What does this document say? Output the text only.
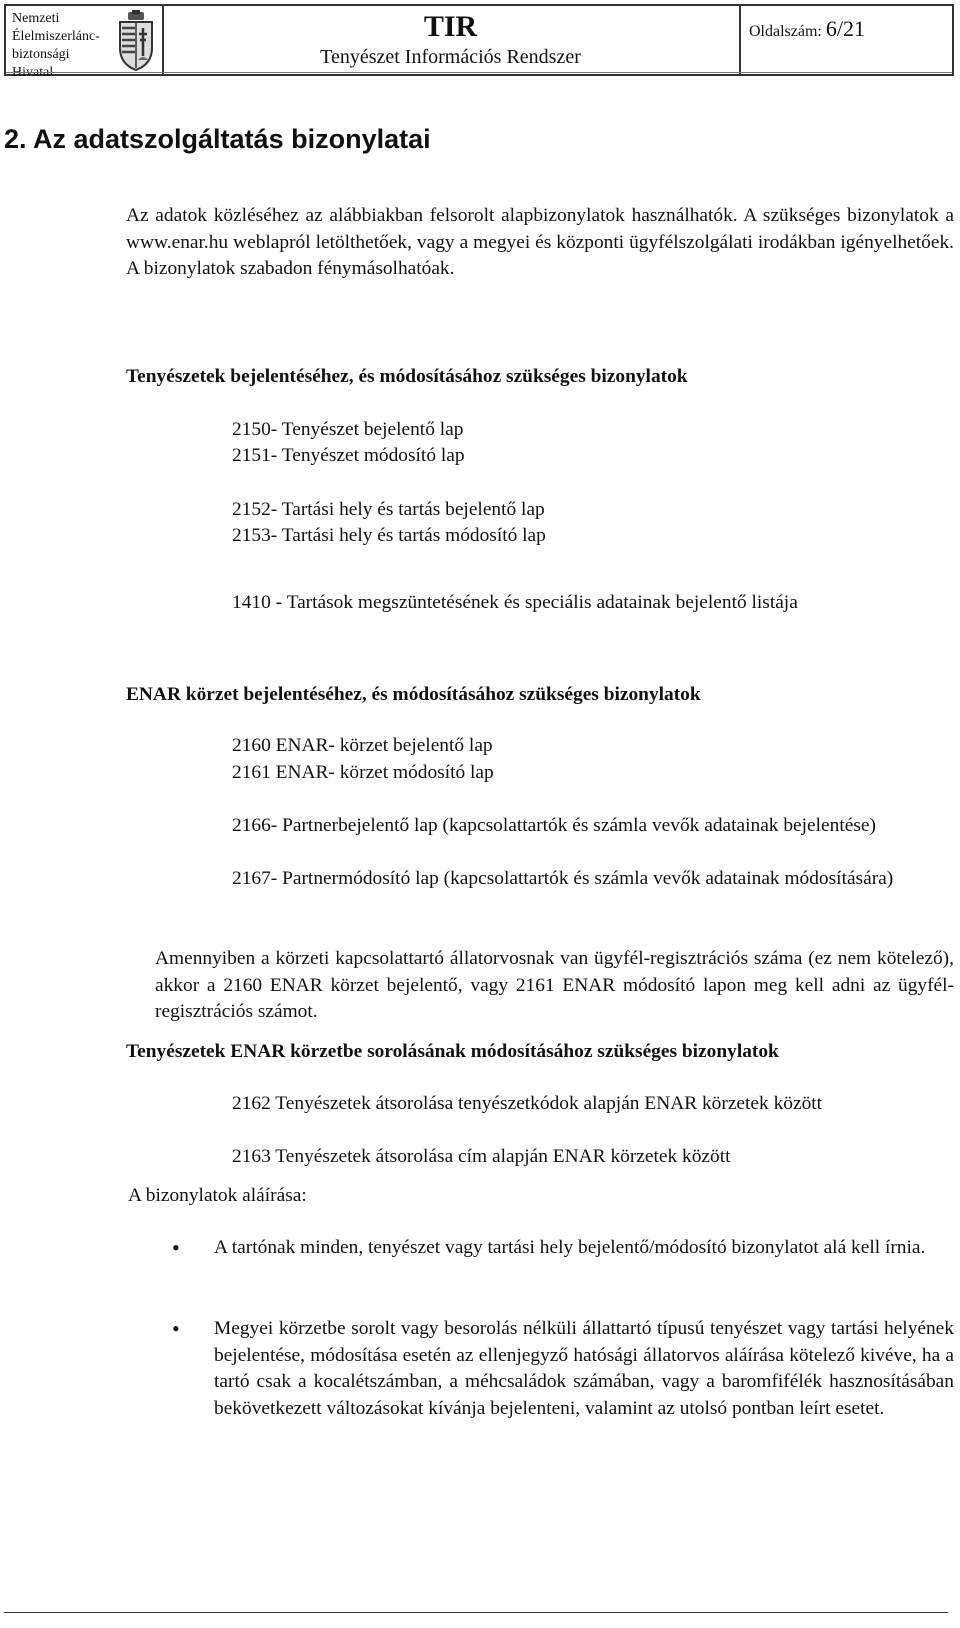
Nemzeti
Élelmiszerlánc-
biztonsági
Hivatal
TIR
Tenyészet Információs Rendszer
Oldalszám: 6/21
2. Az adatszolgáltatás bizonylatai
Az adatok közléséhez az alábbiakban felsorolt alapbizonylatok használhatók. A szükséges bizonylatok a www.enar.hu weblapról letölthetőek, vagy a megyei és központi ügyfélszolgálati irodákban igényelhetőek. A bizonylatok szabadon fénymásolhatóak.
Tenyészetek bejelentéséhez, és módosításához szükséges bizonylatok
2150- Tenyészet bejelentő lap
2151- Tenyészet módosító lap
2152- Tartási hely és tartás bejelentő lap
2153- Tartási hely és tartás módosító lap
1410 - Tartások megszüntetésének és speciális adatainak bejelentő listája
ENAR körzet bejelentéséhez, és módosításához szükséges bizonylatok
2160 ENAR- körzet bejelentő lap
2161 ENAR- körzet módosító lap
2166- Partnerbejelentő lap (kapcsolattartók és számla vevők adatainak bejelentése)
2167- Partnermódosító lap (kapcsolattartók és számla vevők adatainak módosítására)
Amennyiben a körzeti kapcsolattartó állatorvosnak van ügyfél-regisztrációs száma (ez nem kötelező), akkor a 2160 ENAR körzet bejelentő, vagy 2161 ENAR módosító lapon meg kell adni az ügyfél-regisztrációs számot.
Tenyészetek ENAR körzetbe sorolásának módosításához szükséges bizonylatok
2162 Tenyészetek átsorolása tenyészetkódok alapján ENAR körzetek között
2163 Tenyészetek átsorolása cím alapján ENAR körzetek között
A bizonylatok aláírása:
• A tartónak minden, tenyészet vagy tartási hely bejelentő/módosító bizonylatot alá kell írnia.
• Megyei körzetbe sorolt vagy besorolás nélküli állattartó típusú tenyészet vagy tartási helyének bejelentése, módosítása esetén az ellenjegyző hatósági állatorvos aláírása kötelező kivéve, ha a tartó csak a kocalétszámban, a méhcsaládok számában, vagy a baromfifélék hasznosításában bekövetkezett változásokat kívánja bejelenteni, valamint az utolsó pontban leírt esetet.
